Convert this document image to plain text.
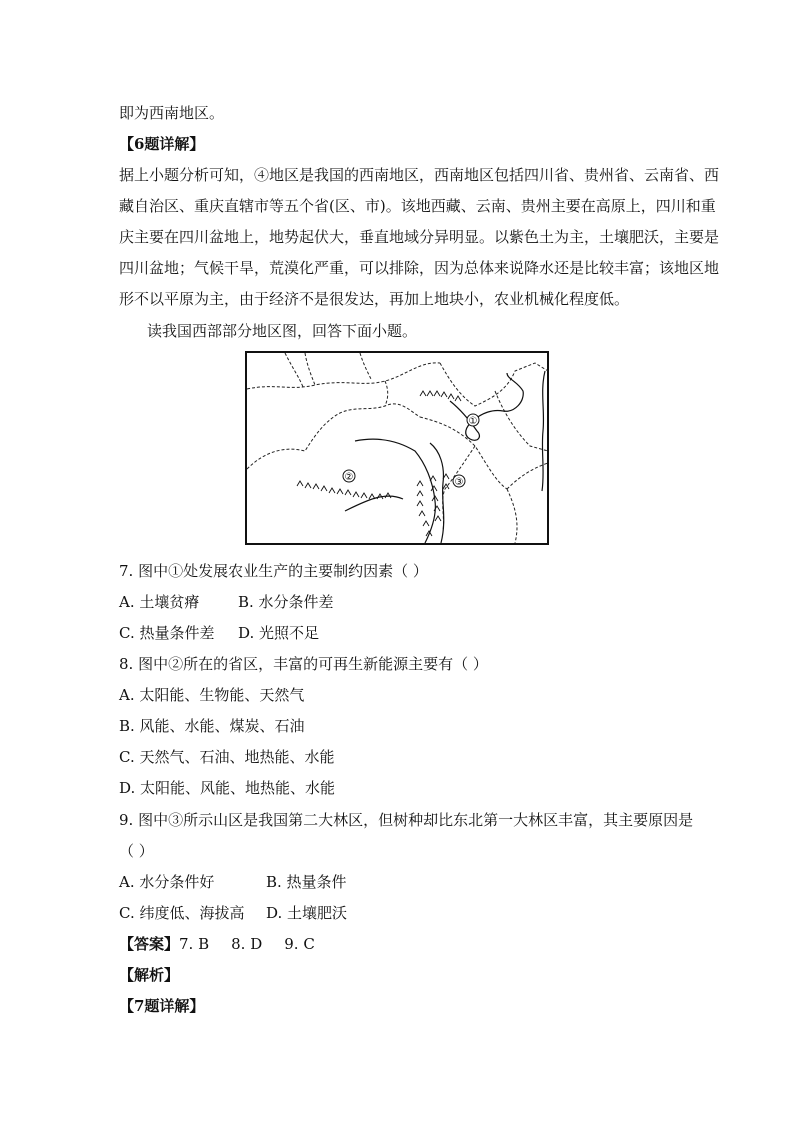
即为西南地区。
【6题详解】
据上小题分析可知，④地区是我国的西南地区，西南地区包括四川省、贵州省、云南省、西
藏自治区、重庆直辖市等五个省(区、市)。该地西藏、云南、贵州主要在高原上，四川和重
庆主要在四川盆地上，地势起伏大，垂直地域分异明显。以紫色土为主，土壤肥沃，主要是
四川盆地；气候干旱，荒漠化严重，可以排除，因为总体来说降水还是比较丰富；该地区地
形不以平原为主，由于经济不是很发达，再加上地块小，农业机械化程度低。
读我国西部部分地区图，回答下面小题。
①
②	③
7. 图中①处发展农业生产的主要制约因素（ ）
A. 土壤贫瘠	B. 水分条件差
C. 热量条件差 D. 光照不足
8. 图中②所在的省区，丰富的可再生新能源主要有（ ）
A. 太阳能、生物能、天然气
B. 风能、水能、煤炭、石油
C. 天然气、石油、地热能、水能
D. 太阳能、风能、地热能、水能
9. 图中③所示山区是我国第二大林区，但树种却比东北第一大林区丰富，其主要原因是
（ ）
A. 水分条件好	B. 热量条件
C. 纬度低、海拔高 D. 土壤肥沃
【答案】7. B 8. D 9. C
【解析】
【7题详解】
